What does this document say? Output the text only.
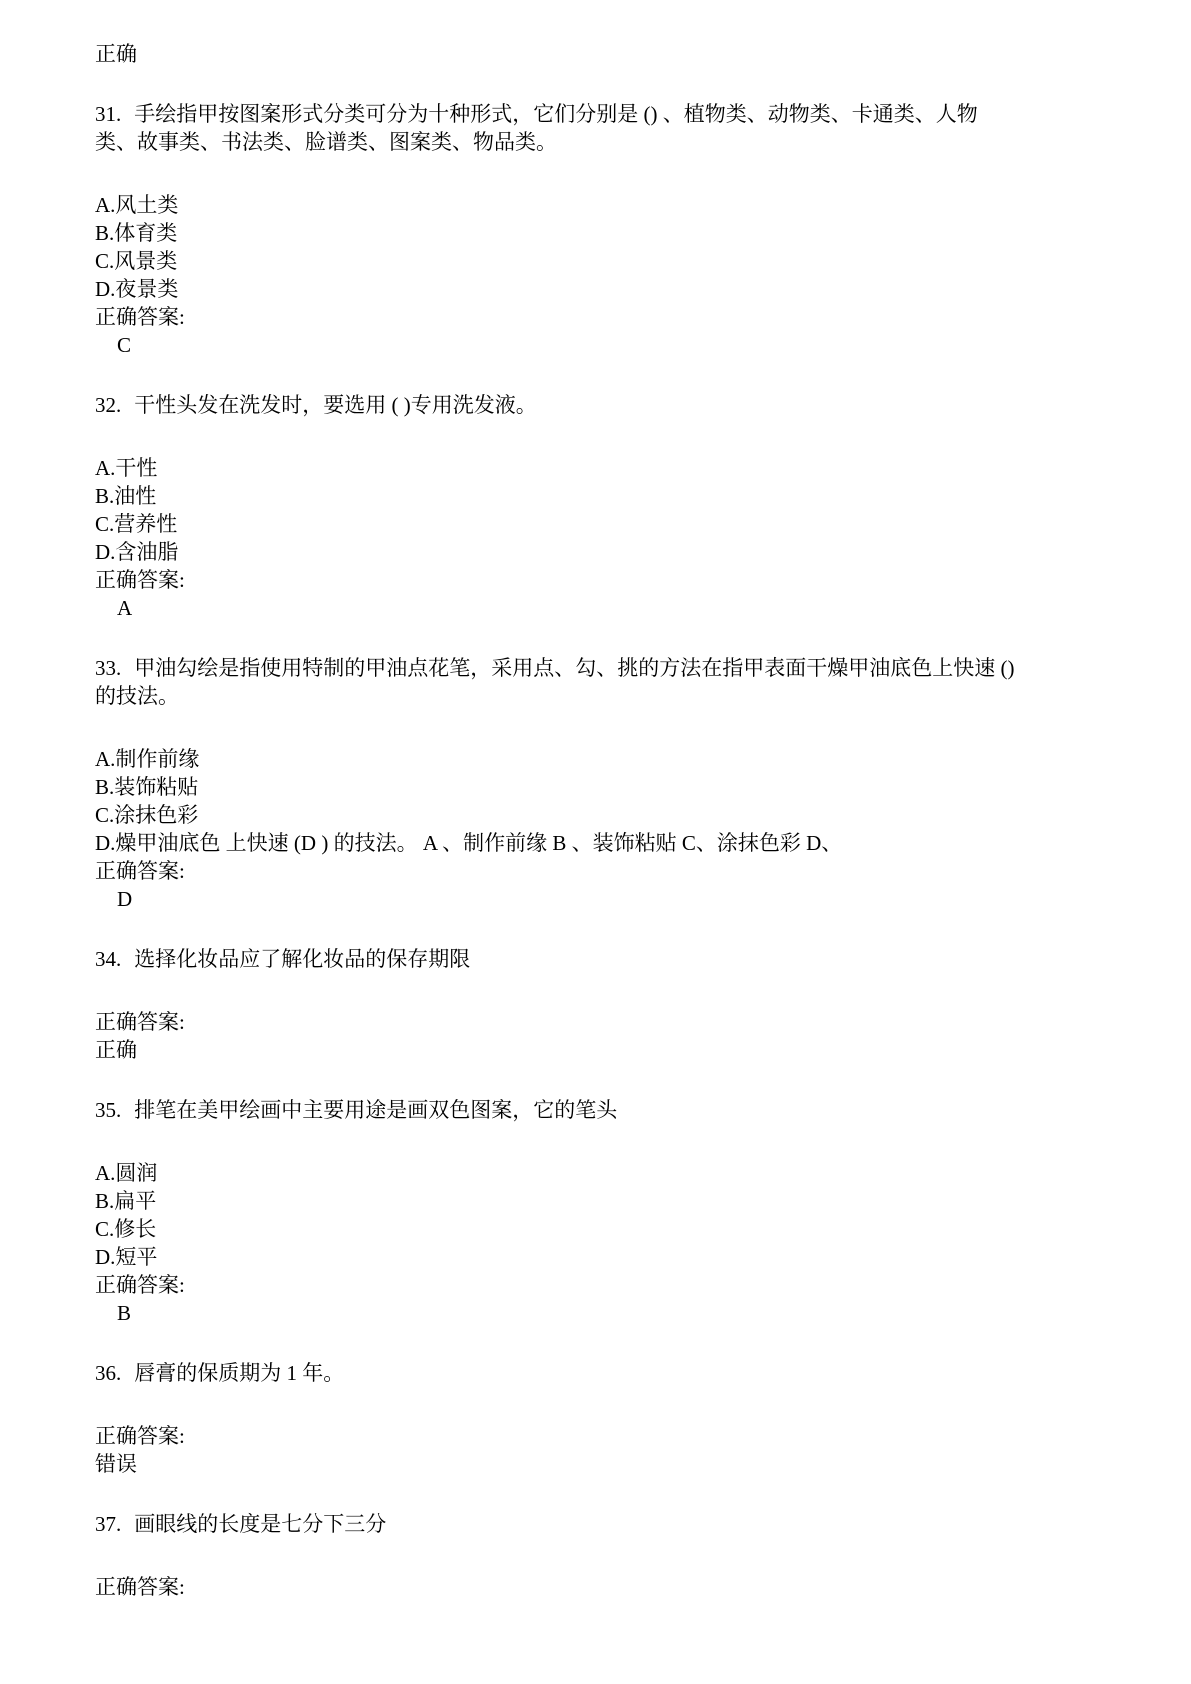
正确
31. 手绘指甲按图案形式分类可分为十种形式，它们分别是 () 、植物类、动物类、卡通类、人物类、故事类、书法类、脸谱类、图案类、物品类。
A.风土类
B.体育类
C.风景类
D.夜景类
正确答案:
C
32. 干性头发在洗发时，要选用 ( )专用洗发液。
A.干性
B.油性
C.营养性
D.含油脂
正确答案:
A
33. 甲油勾绘是指使用特制的甲油点花笔，采用点、勾、挑的方法在指甲表面干燥甲油底色上快速 () 的技法。
A.制作前缘
B.装饰粘贴
C.涂抹色彩
D.燥甲油底色 上快速 (D ) 的技法。 A 、制作前缘 B 、装饰粘贴 C、涂抹色彩 D、
正确答案:
D
34. 选择化妆品应了解化妆品的保存期限
正确答案:
正确
35. 排笔在美甲绘画中主要用途是画双色图案，它的笔头
A.圆润
B.扁平
C.修长
D.短平
正确答案:
B
36. 唇膏的保质期为 1 年。
正确答案:
错误
37. 画眼线的长度是七分下三分
正确答案:
